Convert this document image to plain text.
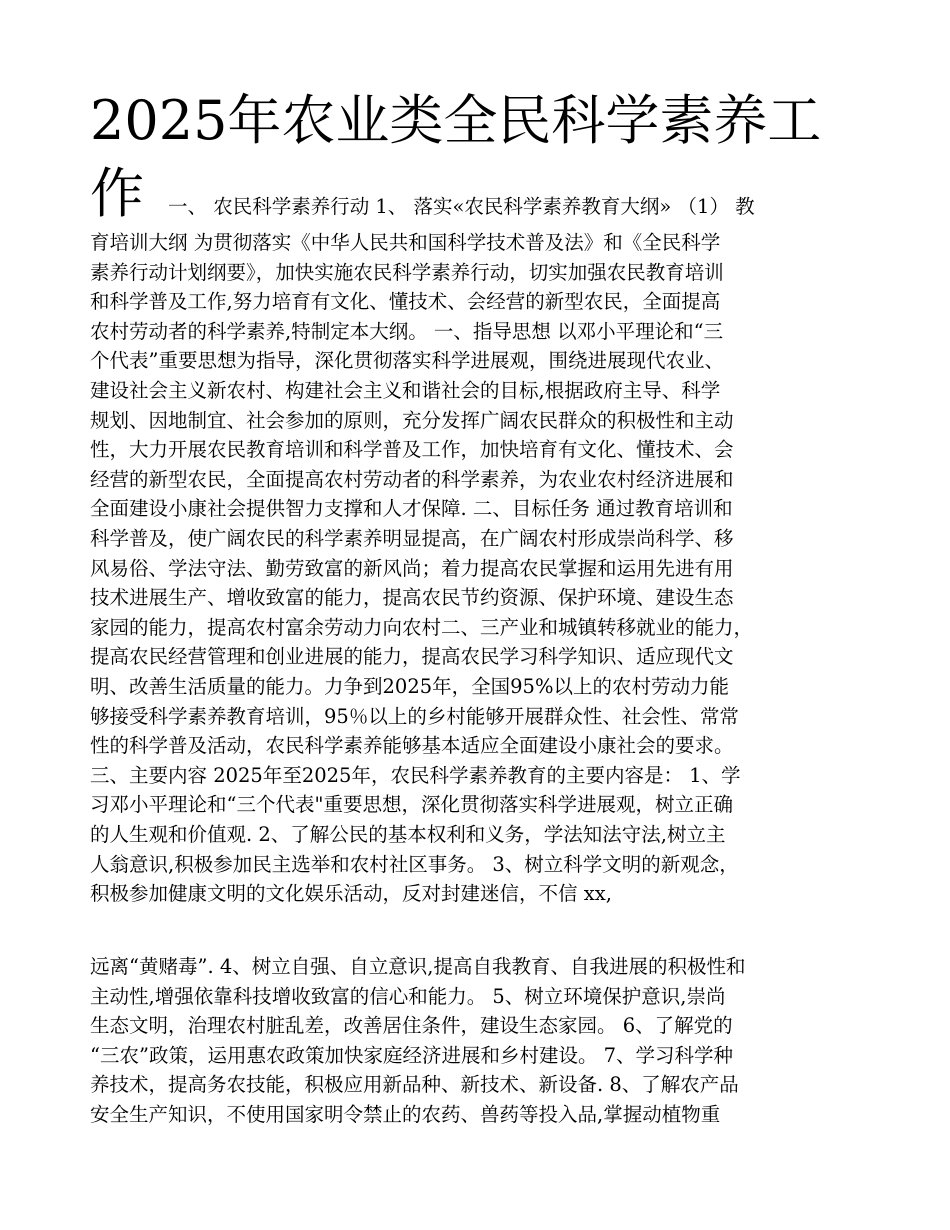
2025年农业类全民科学素养工
作 一、 农民科学素养行动 1、 落实«农民科学素养教育大纲» （1） 教
育培训大纲 为贯彻落实《中华人民共和国科学技术普及法》和《全民科学
素养行动计划纲要》，加快实施农民科学素养行动，切实加强农民教育培训
和科学普及工作,努力培育有文化、懂技术、会经营的新型农民，全面提高
农村劳动者的科学素养,特制定本大纲。 一、指导思想 以邓小平理论和“三
个代表”重要思想为指导，深化贯彻落实科学进展观，围绕进展现代农业、
建设社会主义新农村、构建社会主义和谐社会的目标,根据政府主导、科学
规划、因地制宜、社会参加的原则，充分发挥广阔农民群众的积极性和主动
性，大力开展农民教育培训和科学普及工作，加快培育有文化、懂技术、会
经营的新型农民，全面提高农村劳动者的科学素养，为农业农村经济进展和
全面建设小康社会提供智力支撑和人才保障. 二、目标任务 通过教育培训和
科学普及，使广阔农民的科学素养明显提高，在广阔农村形成崇尚科学、移
风易俗、学法守法、勤劳致富的新风尚；着力提高农民掌握和运用先进有用
技术进展生产、增收致富的能力，提高农民节约资源、保护环境、建设生态
家园的能力，提高农村富余劳动力向农村二、三产业和城镇转移就业的能力，
提高农民经营管理和创业进展的能力，提高农民学习科学知识、适应现代文
明、改善生活质量的能力。力争到2025年，全国95%以上的农村劳动力能
够接受科学素养教育培训，95％以上的乡村能够开展群众性、社会性、常常
性的科学普及活动，农民科学素养能够基本适应全面建设小康社会的要求。
三、主要内容 2025年至2025年，农民科学素养教育的主要内容是： 1、学
习邓小平理论和“三个代表"重要思想，深化贯彻落实科学进展观，树立正确
的人生观和价值观. 2、了解公民的基本权利和义务，学法知法守法,树立主
人翁意识,积极参加民主选举和农村社区事务。 3、树立科学文明的新观念，
积极参加健康文明的文化娱乐活动，反对封建迷信，不信 xx,
远离“黄赌毒”. 4、树立自强、自立意识,提高自我教育、自我进展的积极性和
主动性,增强依靠科技增收致富的信心和能力。 5、树立环境保护意识,崇尚
生态文明，治理农村脏乱差，改善居住条件，建设生态家园。 6、了解党的
“三农”政策，运用惠农政策加快家庭经济进展和乡村建设。 7、学习科学种
养技术，提高务农技能，积极应用新品种、新技术、新设备. 8、了解农产品
安全生产知识，不使用国家明令禁止的农药、兽药等投入品,掌握动植物重
